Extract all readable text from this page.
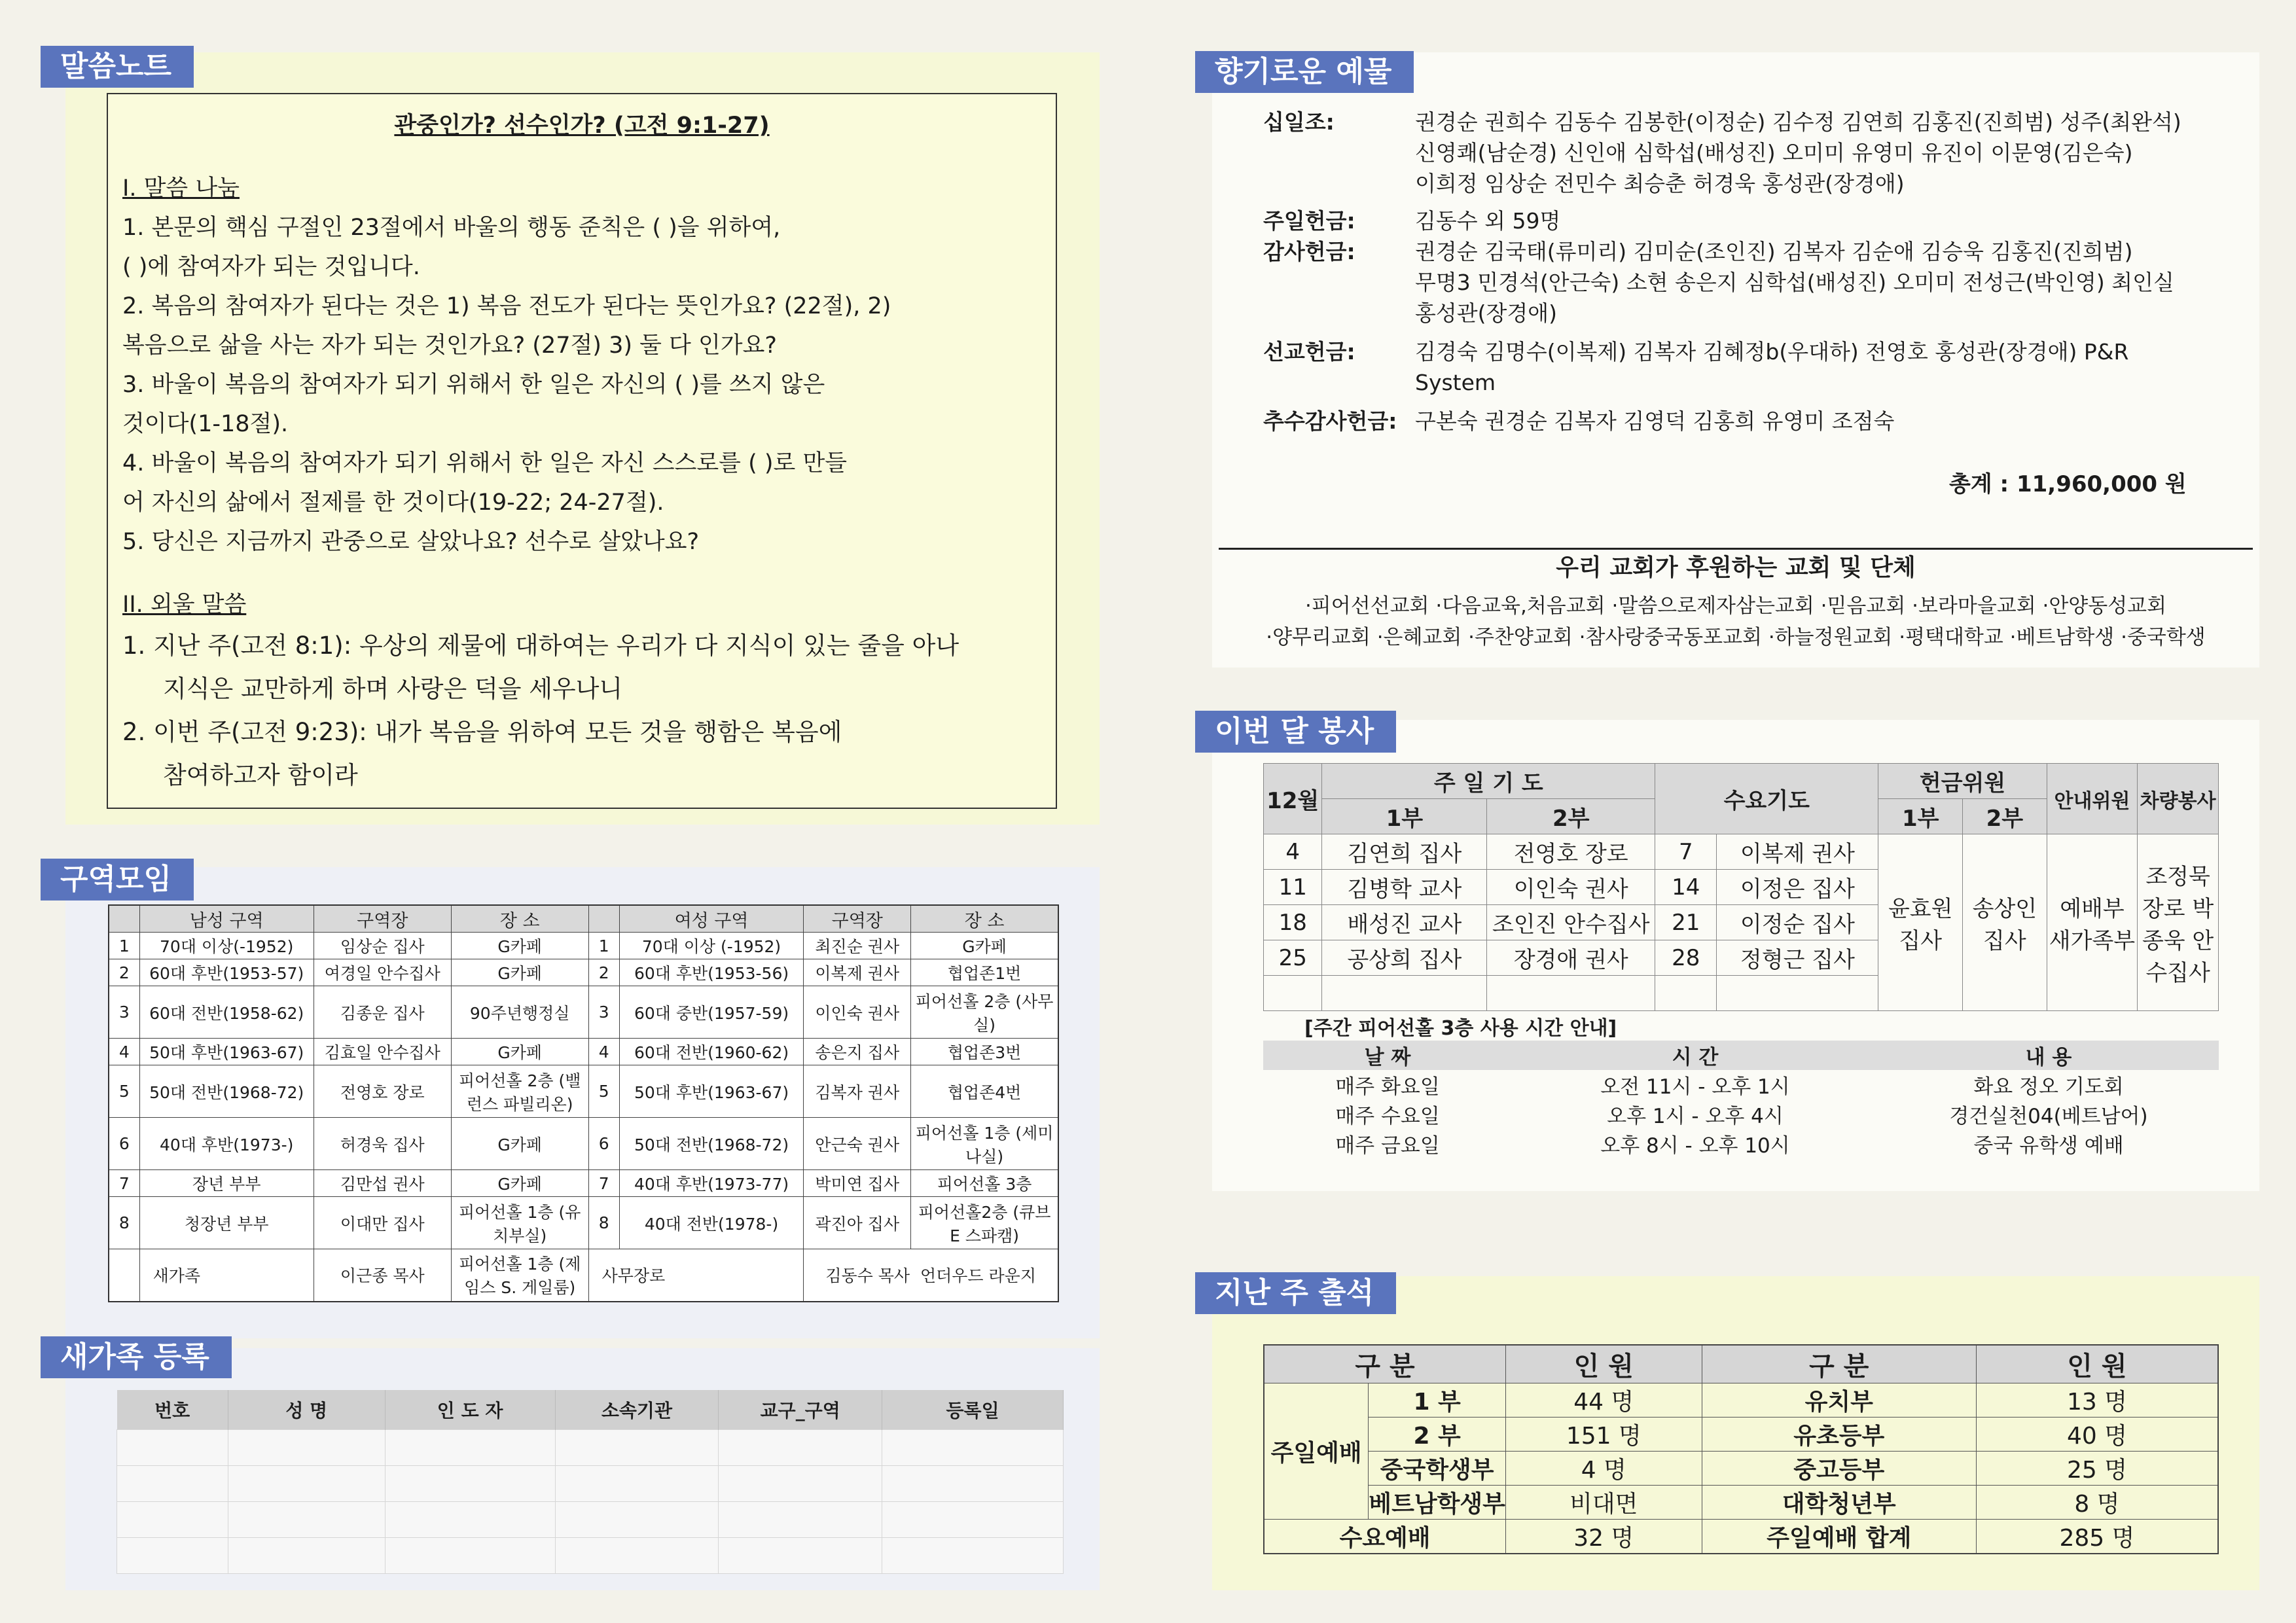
말씀노트
구역모임
새가족 등록
향기로운 예물
이번 달 봉사
지난 주 출석

관중인가? 선수인가? (고전 9:1-27)

I. 말씀 나눔

1. 본문의 핵심 구절인 23절에서 바울의 행동 준칙은 ( )을 위하여,

( )에 참여자가 되는 것입니다.

2. 복음의 참여자가 된다는 것은 1) 복음 전도가 된다는 뜻인가요? (22절), 2)

복음으로 삶을 사는 자가 되는 것인가요? (27절) 3) 둘 다 인가요?

3. 바울이 복음의 참여자가 되기 위해서 한 일은 자신의 ( )를 쓰지 않은

것이다(1-18절).

4. 바울이 복음의 참여자가 되기 위해서 한 일은 자신 스스로를 ( )로 만들

어 자신의 삶에서 절제를 한 것이다(19-22; 24-27절).

5. 당신은 지금까지 관중으로 살았나요? 선수로 살았나요?

II. 외울 말씀

1. 지난 주(고전 8:1): 우상의 제물에 대하여는 우리가 다 지식이 있는 줄을 아나

지식은 교만하게 하며 사랑은 덕을 세우나니

2. 이번 주(고전 9:23): 내가 복음을 위하여 모든 것을 행함은 복음에

참여하고자 함이라

	남성 구역	구역장	장 소		여성 구역	구역장	장 소
1	70대 이상(-1952)	임상순 집사	G카페	1	70대 이상 (-1952)	최진순 권사	G카페
2	60대 후반(1953-57)	여경일 안수집사	G카페	2	60대 후반(1953-56)	이복제 권사	협업존1번
3	60대 전반(1958-62)	김종운 집사	90주년행정실	3	60대 중반(1957-59)	이인숙 권사	피어선홀 2층 (사무실)
4	50대 후반(1963-67)	김효일 안수집사	G카페	4	60대 전반(1960-62)	송은지 집사	협업존3번
5	50대 전반(1968-72)	전영호 장로	피어선홀 2층 (밸런스 파빌리온)	5	50대 후반(1963-67)	김복자 권사	협업존4번
6	40대 후반(1973-)	허경욱 집사	G카페	6	50대 전반(1968-72)	안근숙 권사	피어선홀 1층 (세미나실)
7	장년 부부	김만섭 권사	G카페	7	40대 후반(1973-77)	박미연 집사	피어선홀 3층
8	청장년 부부	이대만 집사	피어선홀 1층 (유치부실)	8	40대 전반(1978-)	곽진아 집사	피어선홀2층 (큐브E 스파캠)
	새가족	이근종 목사	피어선홀 1층 (제임스 S. 게일룸)	사무장로		김동수 목사 언더우드 라운지	
번호	성 명	인 도 자	소속기관	교구_구역	등록일

십일조:	권경순 권희수 김동수 김봉한(이정순) 김수정 김연희 김홍진(진희범) 성주(최완석)
신영쾌(남순경) 신인애 심학섭(배성진) 오미미 유영미 유진이 이문영(김은숙)
이희정 임상순 전민수 최승춘 허경욱 홍성관(장경애)

주일헌금:	김동수 외 59명

감사헌금:	권경순 김국태(류미리) 김미순(조인진) 김복자 김순애 김승욱 김홍진(진희범)
무명3 민경석(안근숙) 소현 송은지 심학섭(배성진) 오미미 전성근(박인영) 최인실
홍성관(장경애)

선교헌금:	김경숙 김명수(이복제) 김복자 김혜정b(우대하) 전영호 홍성관(장경애) P&R
System

추수감사헌금:	구본숙 권경순 김복자 김영덕 김홍희 유영미 조점숙
총계 : 11,960,000 원
우리 교회가 후원하는 교회 및 단체
·피어선선교회 ·다음교육,처음교회 ·말씀으로제자삼는교회 ·믿음교회 ·보라마을교회 ·안양동성교회
·양무리교회 ·은혜교회 ·주찬양교회 ·참사랑중국동포교회 ·하늘정원교회 ·평택대학교 ·베트남학생 ·중국학생
12월	주 일 기 도		수요기도		헌금위원		안내위원	차량봉사
	1부	2부			1부	2부		
4	김연희 집사	전영호 장로	7	이복제 권사	윤효원 집사	송상인 집사	예배부 새가족부	조정묵 장로 박종욱 안수집사
11	김병학 교사	이인숙 권사	14	이정은 집사				
18	배성진 교사	조인진 안수집사	21	이정순 집사				
25	공상희 집사	장경애 권사	28	정형근 집사				

[주간 피어선홀 3층 사용 시간 안내]
날 짜	시 간	내 용
매주 화요일	오전 11시 - 오후 1시	화요 정오 기도회
매주 수요일	오후 1시 - 오후 4시	경건실천04(베트남어)
매주 금요일	오후 8시 - 오후 10시	중국 유학생 예배
구 분		인 원	구 분	인 원
주일예배	1 부	44 명	유치부	13 명
	2 부	151 명	유초등부	40 명
	중국학생부	4 명	중고등부	25 명
	베트남학생부	비대면	대학청년부	8 명
수요예배		32 명	주일예배 합계	285 명
